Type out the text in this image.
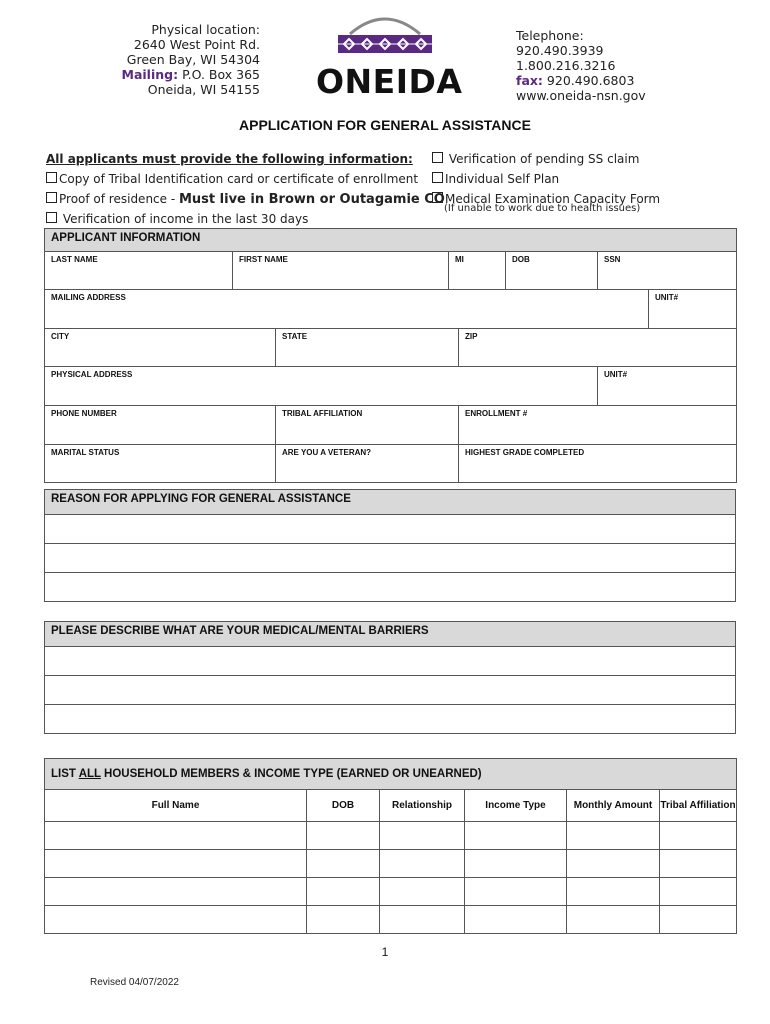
Physical location:
2640 West Point Rd.
Green Bay, WI 54304
Mailing: P.O. Box 365
Oneida, WI 54155 ONEIDA
Telephone:
920.490.3939
1.800.216.3216
fax: 920.490.6803
www.oneida-nsn.gov
APPLICATION FOR GENERAL ASSISTANCE
All applicants must provide the following information:
Copy of Tribal Identification card or certificate of enrollment
Proof of residence - Must live in Brown or Outagamie CO
Verification of income in the last 30 days
Verification of pending SS claim
Individual Self Plan
Medical Examination Capacity Form
(If unable to work due to health issues)
APPLICANT INFORMATION							
LAST NAME	FIRST NAME		MI		DOB	SSN	
MAILING ADDRESS							UNIT#
CITY		STATE		ZIP			
PHYSICAL ADDRESS						UNIT#	
PHONE NUMBER		TRIBAL AFFILIATION		ENROLLMENT #			
MARITAL STATUS		ARE YOU A VETERAN?		HIGHEST GRADE COMPLETED			
REASON FOR APPLYING FOR GENERAL ASSISTANCE

PLEASE DESCRIBE WHAT ARE YOUR MEDICAL/MENTAL BARRIERS

LIST ALL HOUSEHOLD MEMBERS & INCOME TYPE (EARNED OR UNEARNED)					
Full Name	DOB	Relationship	Income Type	Monthly Amount	Tribal Affiliation

1
Revised 04/07/2022
